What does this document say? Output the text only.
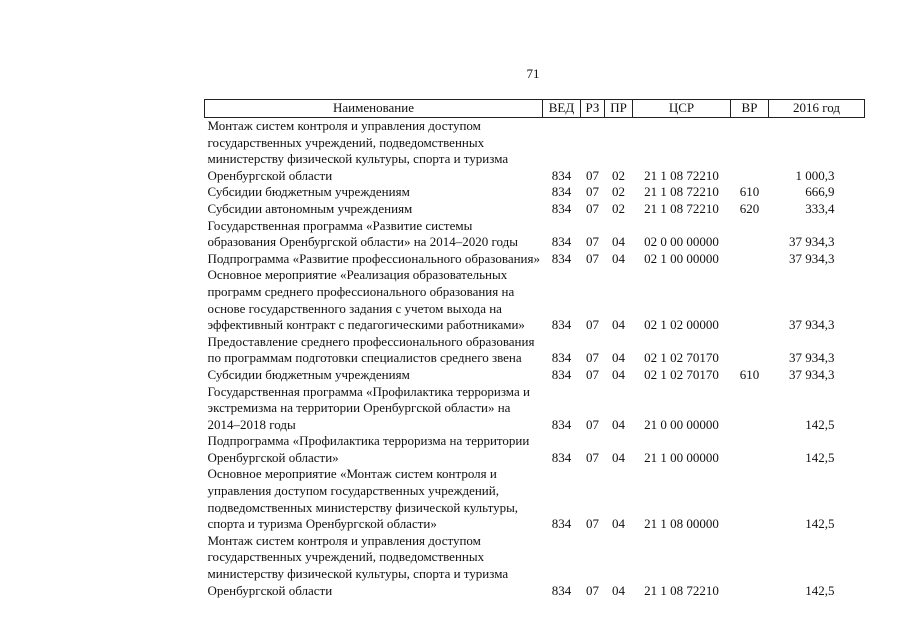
71
Наименование	ВЕД	РЗ	ПР	ЦСР	ВР	2016 год
Монтаж систем контроля и управления доступом государственных учреждений, подведомственных министерству физической культуры, спорта и туризма Оренбургской области	834	07	02	21 1 08 72210		1 000,3
Субсидии бюджетным учреждениям	834	07	02	21 1 08 72210	610	666,9
Субсидии автономным учреждениям	834	07	02	21 1 08 72210	620	333,4
Государственная программа «Развитие системы образования Оренбургской области» на 2014–2020 годы	834	07	04	02 0 00 00000		37 934,3
Подпрограмма «Развитие профессионального образования»	834	07	04	02 1 00 00000		37 934,3
Основное мероприятие «Реализация образовательных программ среднего профессионального образования на основе государственного задания с учетом выхода на эффективный контракт с педагогическими работниками»	834	07	04	02 1 02 00000		37 934,3
Предоставление среднего профессионального образования по программам подготовки специалистов среднего звена	834	07	04	02 1 02 70170		37 934,3
Субсидии бюджетным учреждениям	834	07	04	02 1 02 70170	610	37 934,3
Государственная программа «Профилактика терроризма и экстремизма на территории Оренбургской области» на 2014–2018 годы	834	07	04	21 0 00 00000		142,5
Подпрограмма «Профилактика терроризма на территории Оренбургской области»	834	07	04	21 1 00 00000		142,5
Основное мероприятие «Монтаж систем контроля и управления доступом государственных учреждений, подведомственных министерству физической культуры, спорта и туризма Оренбургской области»	834	07	04	21 1 08 00000		142,5
Монтаж систем контроля и управления доступом государственных учреждений, подведомственных министерству физической культуры, спорта и туризма Оренбургской области	834	07	04	21 1 08 72210		142,5
